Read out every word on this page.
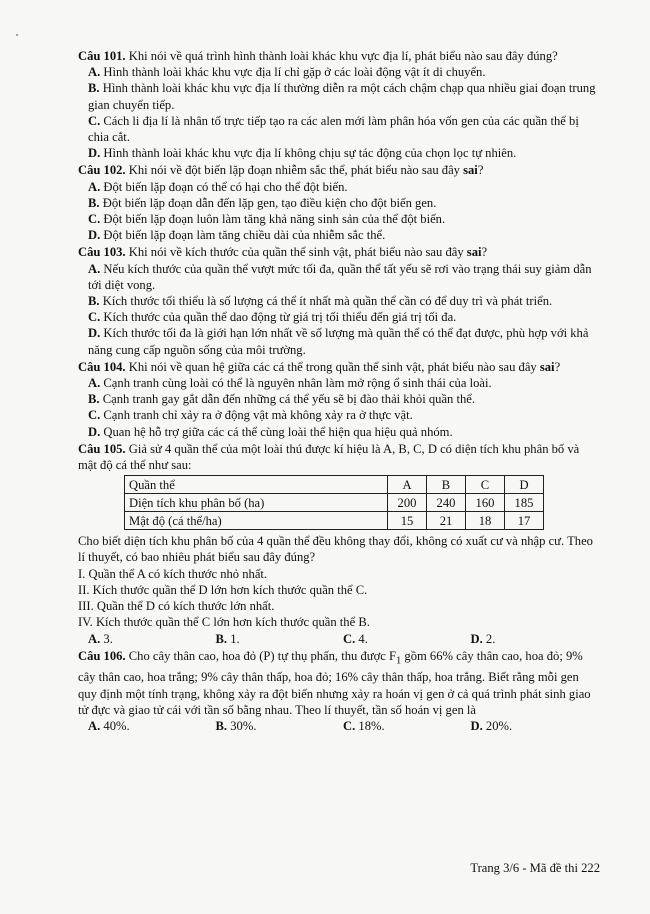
Câu 101. Khi nói về quá trình hình thành loài khác khu vực địa lí, phát biểu nào sau đây đúng?

A. Hình thành loài khác khu vực địa lí chỉ gặp ở các loài động vật ít di chuyển.

B. Hình thành loài khác khu vực địa lí thường diễn ra một cách chậm chạp qua nhiều giai đoạn trung gian chuyển tiếp.

C. Cách li địa lí là nhân tố trực tiếp tạo ra các alen mới làm phân hóa vốn gen của các quần thể bị chia cắt.

D. Hình thành loài khác khu vực địa lí không chịu sự tác động của chọn lọc tự nhiên.

Câu 102. Khi nói về đột biến lặp đoạn nhiễm sắc thể, phát biểu nào sau đây sai?

A. Đột biến lặp đoạn có thể có hại cho thể đột biến.

B. Đột biến lặp đoạn dẫn đến lặp gen, tạo điều kiện cho đột biến gen.

C. Đột biến lặp đoạn luôn làm tăng khả năng sinh sản của thể đột biến.

D. Đột biến lặp đoạn làm tăng chiều dài của nhiễm sắc thể.

Câu 103. Khi nói về kích thước của quần thể sinh vật, phát biểu nào sau đây sai?

A. Nếu kích thước của quần thể vượt mức tối đa, quần thể tất yếu sẽ rơi vào trạng thái suy giảm dẫn tới diệt vong.

B. Kích thước tối thiểu là số lượng cá thể ít nhất mà quần thể cần có để duy trì và phát triển.

C. Kích thước của quần thể dao động từ giá trị tối thiểu đến giá trị tối đa.

D. Kích thước tối đa là giới hạn lớn nhất về số lượng mà quần thể có thể đạt được, phù hợp với khả năng cung cấp nguồn sống của môi trường.

Câu 104. Khi nói về quan hệ giữa các cá thể trong quần thể sinh vật, phát biểu nào sau đây sai?

A. Cạnh tranh cùng loài có thể là nguyên nhân làm mở rộng ổ sinh thái của loài.

B. Cạnh tranh gay gắt dẫn đến những cá thể yếu sẽ bị đào thải khỏi quần thể.

C. Cạnh tranh chỉ xảy ra ở động vật mà không xảy ra ở thực vật.

D. Quan hệ hỗ trợ giữa các cá thể cùng loài thể hiện qua hiệu quả nhóm.

Câu 105. Giả sử 4 quần thể của một loài thú được kí hiệu là A, B, C, D có diện tích khu phân bố và mật độ cá thể như sau:

Quần thể	A	B	C	D
Diện tích khu phân bố (ha)	200	240	160	185
Mật độ (cá thể/ha)	15	21	18	17

Cho biết diện tích khu phân bố của 4 quần thể đều không thay đổi, không có xuất cư và nhập cư. Theo lí thuyết, có bao nhiêu phát biểu sau đây đúng?

I. Quần thể A có kích thước nhỏ nhất.

II. Kích thước quần thể D lớn hơn kích thước quần thể C.

III. Quần thể D có kích thước lớn nhất.

IV. Kích thước quần thể C lớn hơn kích thước quần thể B.

A. 3.	B. 1.	C. 4.	D. 2.

Câu 106. Cho cây thân cao, hoa đỏ (P) tự thụ phấn, thu được $F_1$ gồm 66% cây thân cao, hoa đỏ; 9% cây thân cao, hoa trắng; 9% cây thân thấp, hoa đỏ; 16% cây thân thấp, hoa trắng. Biết rằng mỗi gen quy định một tính trạng, không xảy ra đột biến nhưng xảy ra hoán vị gen ở cả quá trình phát sinh giao tử đực và giao tử cái với tần số bằng nhau. Theo lí thuyết, tần số hoán vị gen là

A. 40%.	B. 30%.	C. 18%.	D. 20%.
Trang 3/6 - Mã đề thi 222
